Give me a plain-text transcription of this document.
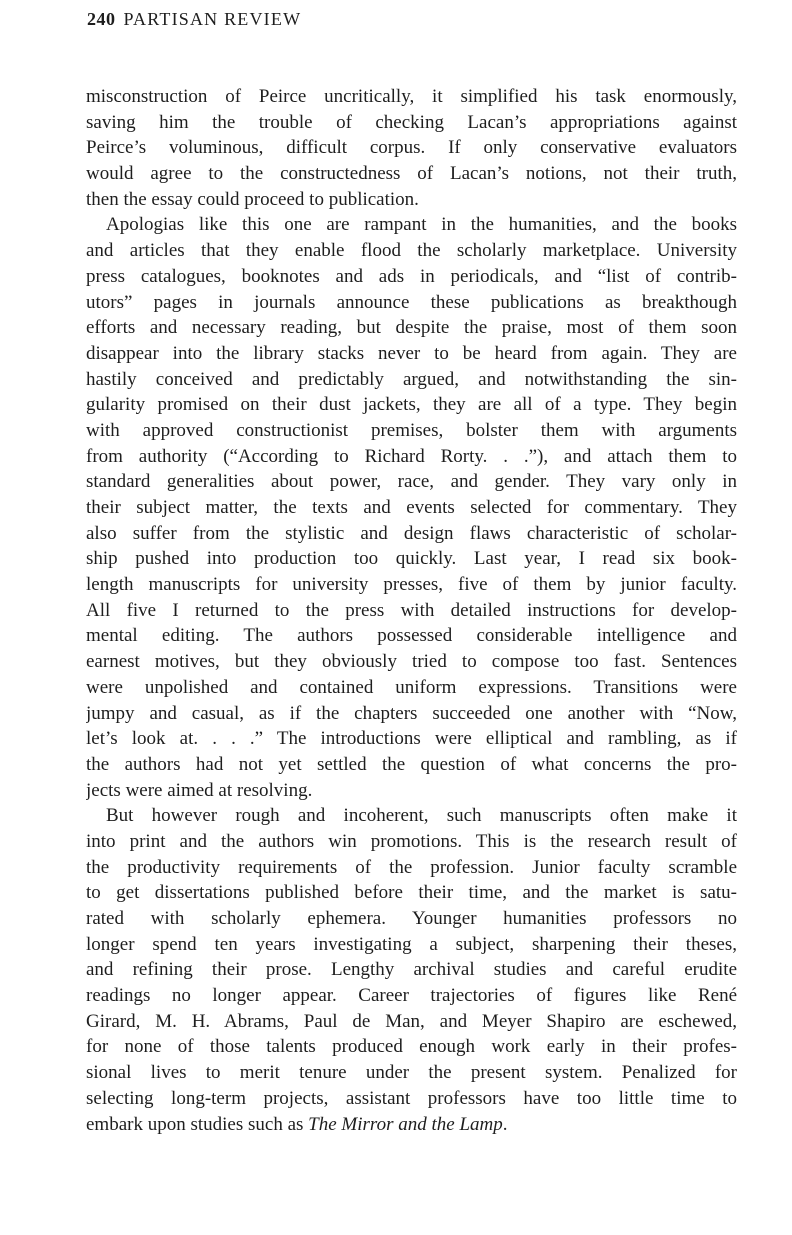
240 PARTISAN REVIEW
misconstruction of Peirce uncritically, it simplified his task enormously,
saving him the trouble of checking Lacan’s appropriations against
Peirce’s voluminous, difficult corpus. If only conservative evaluators
would agree to the constructedness of Lacan’s notions, not their truth,
then the essay could proceed to publication.
Apologias like this one are rampant in the humanities, and the books
and articles that they enable flood the scholarly marketplace. University
press catalogues, booknotes and ads in periodicals, and “list of contrib-
utors” pages in journals announce these publications as breakthough
efforts and necessary reading, but despite the praise, most of them soon
disappear into the library stacks never to be heard from again. They are
hastily conceived and predictably argued, and notwithstanding the sin-
gularity promised on their dust jackets, they are all of a type. They begin
with approved constructionist premises, bolster them with arguments
from authority (“According to Richard Rorty. . .”), and attach them to
standard generalities about power, race, and gender. They vary only in
their subject matter, the texts and events selected for commentary. They
also suffer from the stylistic and design flaws characteristic of scholar-
ship pushed into production too quickly. Last year, I read six book-
length manuscripts for university presses, five of them by junior faculty.
All five I returned to the press with detailed instructions for develop-
mental editing. The authors possessed considerable intelligence and
earnest motives, but they obviously tried to compose too fast. Sentences
were unpolished and contained uniform expressions. Transitions were
jumpy and casual, as if the chapters succeeded one another with “Now,
let’s look at. . . .” The introductions were elliptical and rambling, as if
the authors had not yet settled the question of what concerns the pro-
jects were aimed at resolving.
But however rough and incoherent, such manuscripts often make it
into print and the authors win promotions. This is the research result of
the productivity requirements of the profession. Junior faculty scramble
to get dissertations published before their time, and the market is satu-
rated with scholarly ephemera. Younger humanities professors no
longer spend ten years investigating a subject, sharpening their theses,
and refining their prose. Lengthy archival studies and careful erudite
readings no longer appear. Career trajectories of figures like René
Girard, M. H. Abrams, Paul de Man, and Meyer Shapiro are eschewed,
for none of those talents produced enough work early in their profes-
sional lives to merit tenure under the present system. Penalized for
selecting long-term projects, assistant professors have too little time to
embark upon studies such as The Mirror and the Lamp.
